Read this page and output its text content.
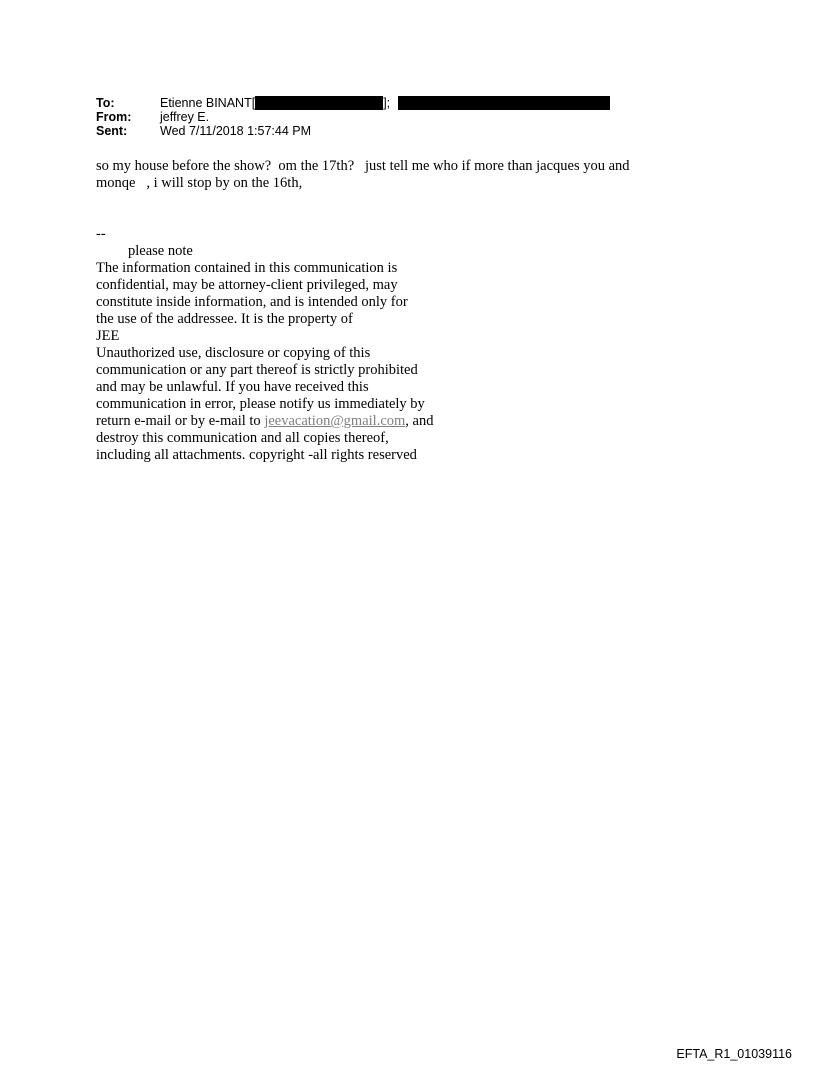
To:	Etienne BINANT[	];
From:	jeffrey E.
Sent:	Wed 7/11/2018 1:57:44 PM
so my house before the show?  om the 17th?   just tell me who if more than jacques you and
monqe   , i will stop by on the 16th,
--
please note
The information contained in this communication is
confidential, may be attorney-client privileged, may
constitute inside information, and is intended only for
the use of the addressee. It is the property of
JEE
Unauthorized use, disclosure or copying of this
communication or any part thereof is strictly prohibited
and may be unlawful. If you have received this
communication in error, please notify us immediately by
return e-mail or by e-mail to jeevacation@gmail.com, and
destroy this communication and all copies thereof,
including all attachments. copyright -all rights reserved
EFTA_R1_01039116
